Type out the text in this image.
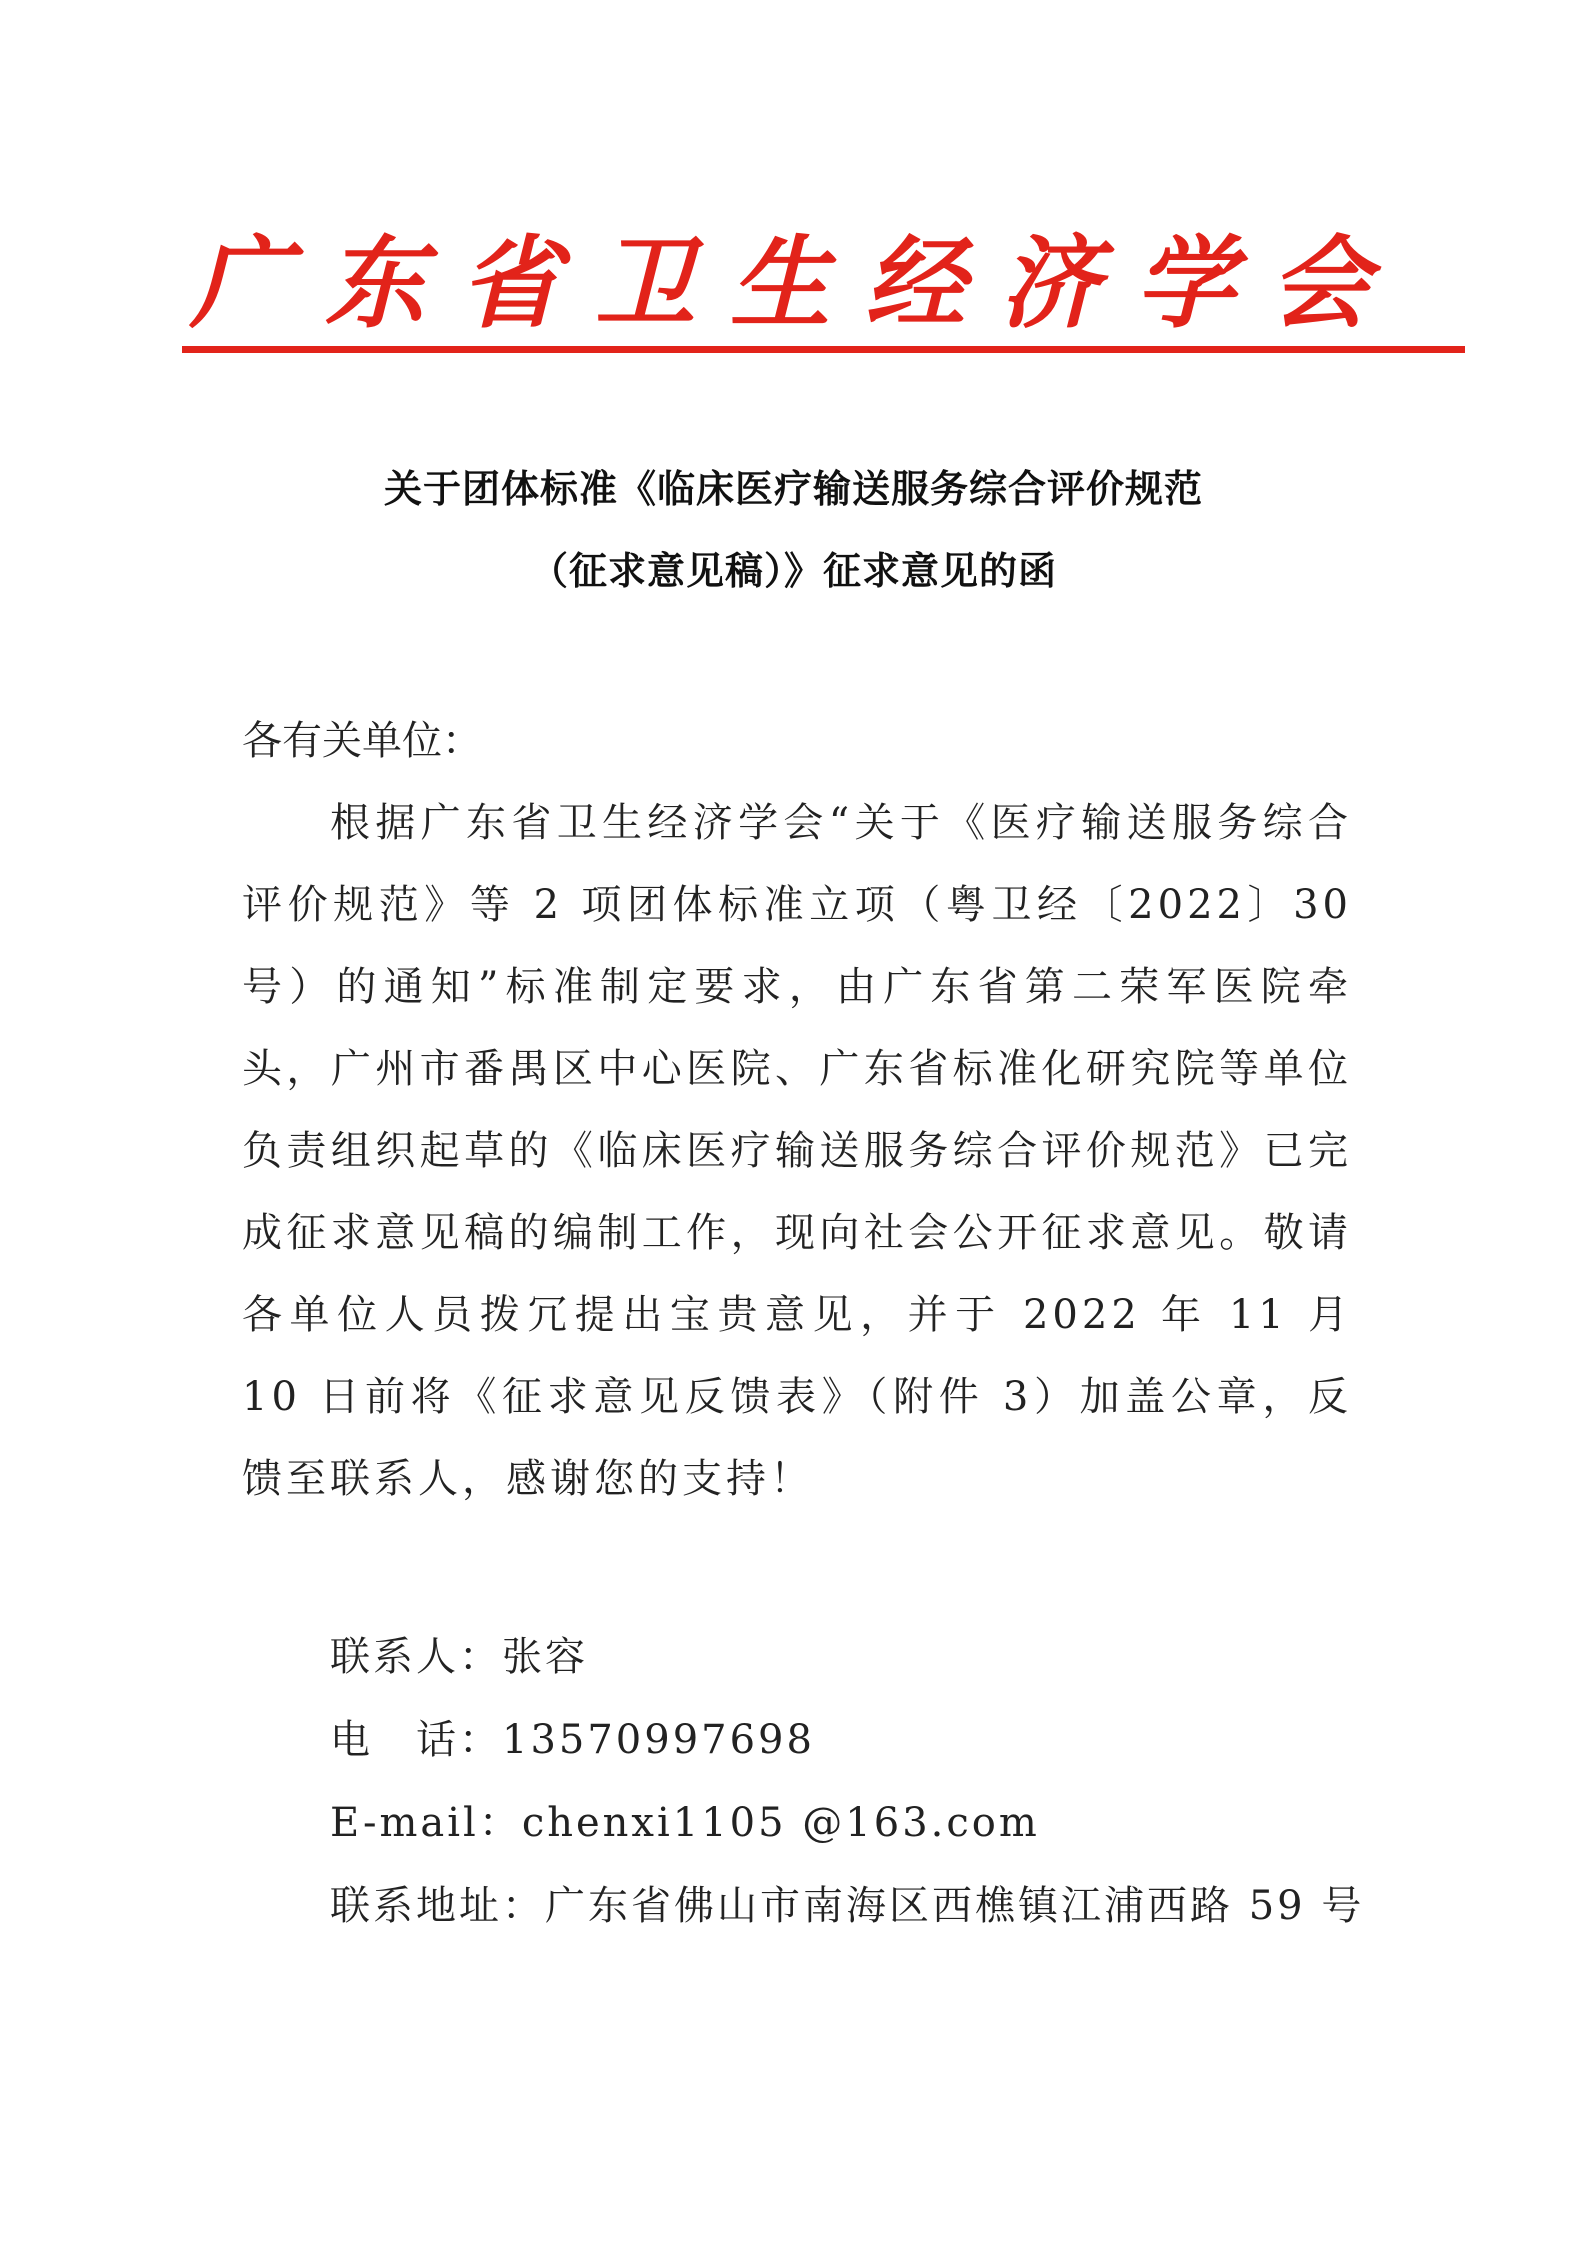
广 东 省 卫 生 经 济 学 会
关于团体标准《临床医疗输送服务综合评价规范
（征求意见稿）》征求意见的函
各有关单位：
根据广东省卫生经济学会“关于《医疗输送服务综合评价规范》等 2 项团体标准立项（粤卫经〔2022〕30号）的通知”标准制定要求，由广东省第二荣军医院牵头，广州市番禺区中心医院、广东省标准化研究院等单位负责组织起草的《临床医疗输送服务综合评价规范》已完成征求意见稿的编制工作，现向社会公开征求意见。敬请各单位人员拨冗提出宝贵意见，并于 2022 年 11 月 10 日前将《征求意见反馈表》（附件 3）加盖公章，反馈至联系人，感谢您的支持！
联系人：张容
电　话：13570997698
E-mail：chenxi1105 @163.com
联系地址：广东省佛山市南海区西樵镇江浦西路 59 号
